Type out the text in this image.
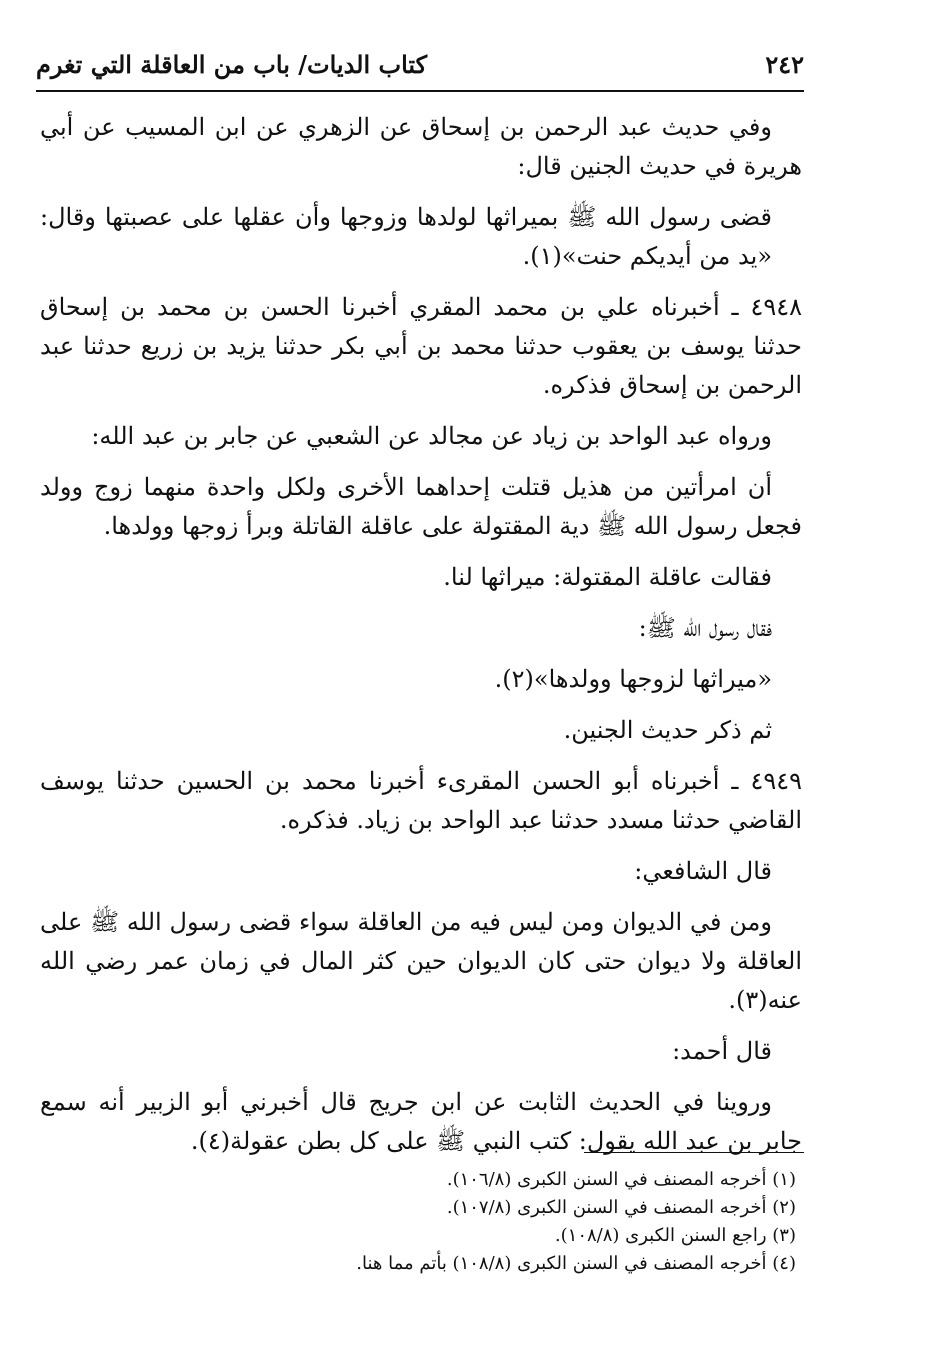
٢٤٢
كتاب الديات/ باب من العاقلة التي تغرم

وفي حديث عبد الرحمن بن إسحاق عن الزهري عن ابن المسيب عن أبي هريرة في حديث الجنين قال:

قضى رسول الله ﷺ بميراثها لولدها وزوجها وأن عقلها على عصبتها وقال: «يد من أيديكم حنت»(١).

٤٩٤٨ ـ أخبرناه علي بن محمد المقري أخبرنا الحسن بن محمد بن إسحاق حدثنا يوسف بن يعقوب حدثنا محمد بن أبي بكر حدثنا يزيد بن زريع حدثنا عبد الرحمن بن إسحاق فذكره.

ورواه عبد الواحد بن زياد عن مجالد عن الشعبي عن جابر بن عبد الله:

أن امرأتين من هذيل قتلت إحداهما الأخرى ولكل واحدة منهما زوج وولد فجعل رسول الله ﷺ دية المقتولة على عاقلة القاتلة وبرأ زوجها وولدها.

فقالت عاقلة المقتولة: ميراثها لنا.

فقال رسول الله ﷺ:

«ميراثها لزوجها وولدها»(٢).

ثم ذكر حديث الجنين.

٤٩٤٩ ـ أخبرناه أبو الحسن المقرىء أخبرنا محمد بن الحسين حدثنا يوسف القاضي حدثنا مسدد حدثنا عبد الواحد بن زياد. فذكره.

قال الشافعي:

ومن في الديوان ومن ليس فيه من العاقلة سواء قضى رسول الله ﷺ على العاقلة ولا ديوان حتى كان الديوان حين كثر المال في زمان عمر رضي الله عنه(٣).

قال أحمد:

وروينا في الحديث الثابت عن ابن جريج قال أخبرني أبو الزبير أنه سمع جابر بن عبد الله يقول: كتب النبي ﷺ على كل بطن عقولة(٤).

(١) أخرجه المصنف في السنن الكبرى (١٠٦/٨).

(٢) أخرجه المصنف في السنن الكبرى (١٠٧/٨).

(٣) راجع السنن الكبرى (١٠٨/٨).

(٤) أخرجه المصنف في السنن الكبرى (١٠٨/٨) بأتم مما هنا.
